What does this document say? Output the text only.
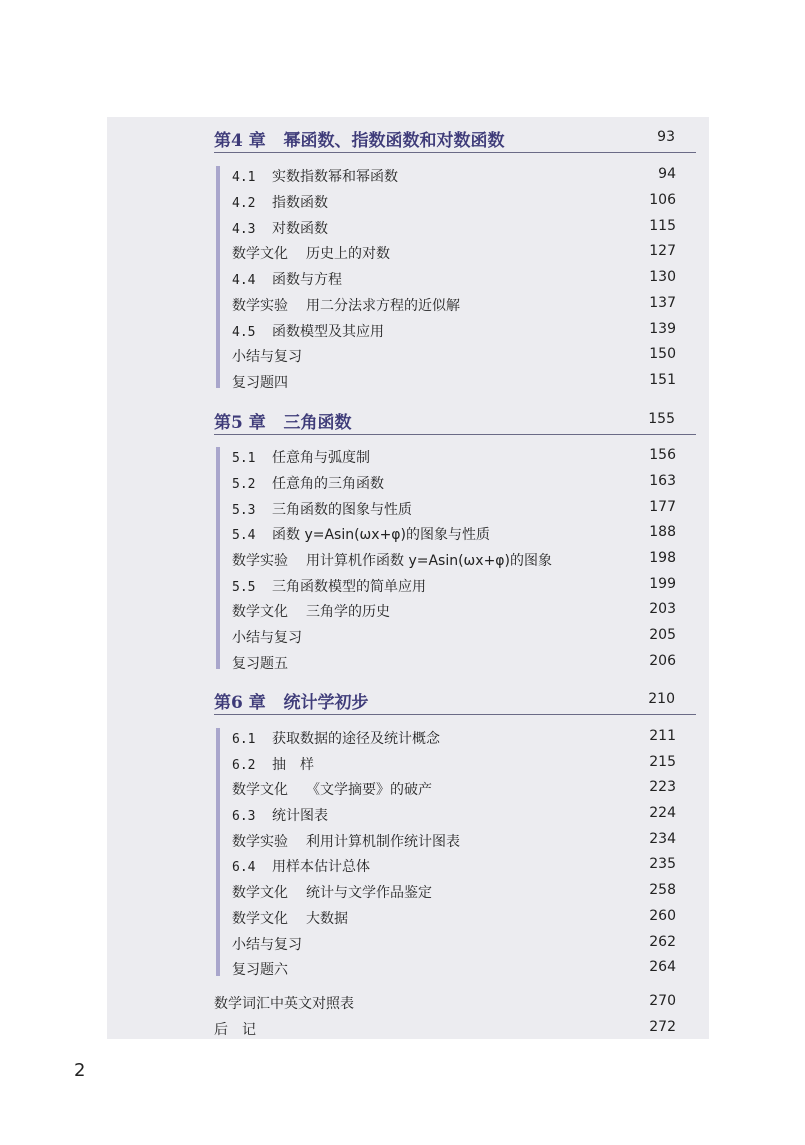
第4 章 幂函数、指数函数和对数函数	93
4.1 实数指数幂和幂函数	94
4.2 指数函数	106
4.3 对数函数	115
数学文化 历史上的对数	127
4.4 函数与方程	130
数学实验 用二分法求方程的近似解	137
4.5 函数模型及其应用	139
小结与复习	150
复习题四	151
第5 章 三角函数	155
5.1 任意角与弧度制	156
5.2 任意角的三角函数	163
5.3 三角函数的图象与性质	177
5.4 函数 y=Asin(ωx+φ)的图象与性质	188
数学实验 用计算机作函数 y=Asin(ωx+φ)的图象	198
5.5 三角函数模型的简单应用	199
数学文化 三角学的历史	203
小结与复习	205
复习题五	206
第6 章 统计学初步	210
6.1 获取数据的途径及统计概念	211
6.2 抽　样	215
数学文化 《文学摘要》的破产	223
6.3 统计图表	224
数学实验 利用计算机制作统计图表	234
6.4 用样本估计总体	235
数学文化 统计与文学作品鉴定	258
数学文化 大数据	260
小结与复习	262
复习题六	264
数学词汇中英文对照表	270
后　记	272
2
